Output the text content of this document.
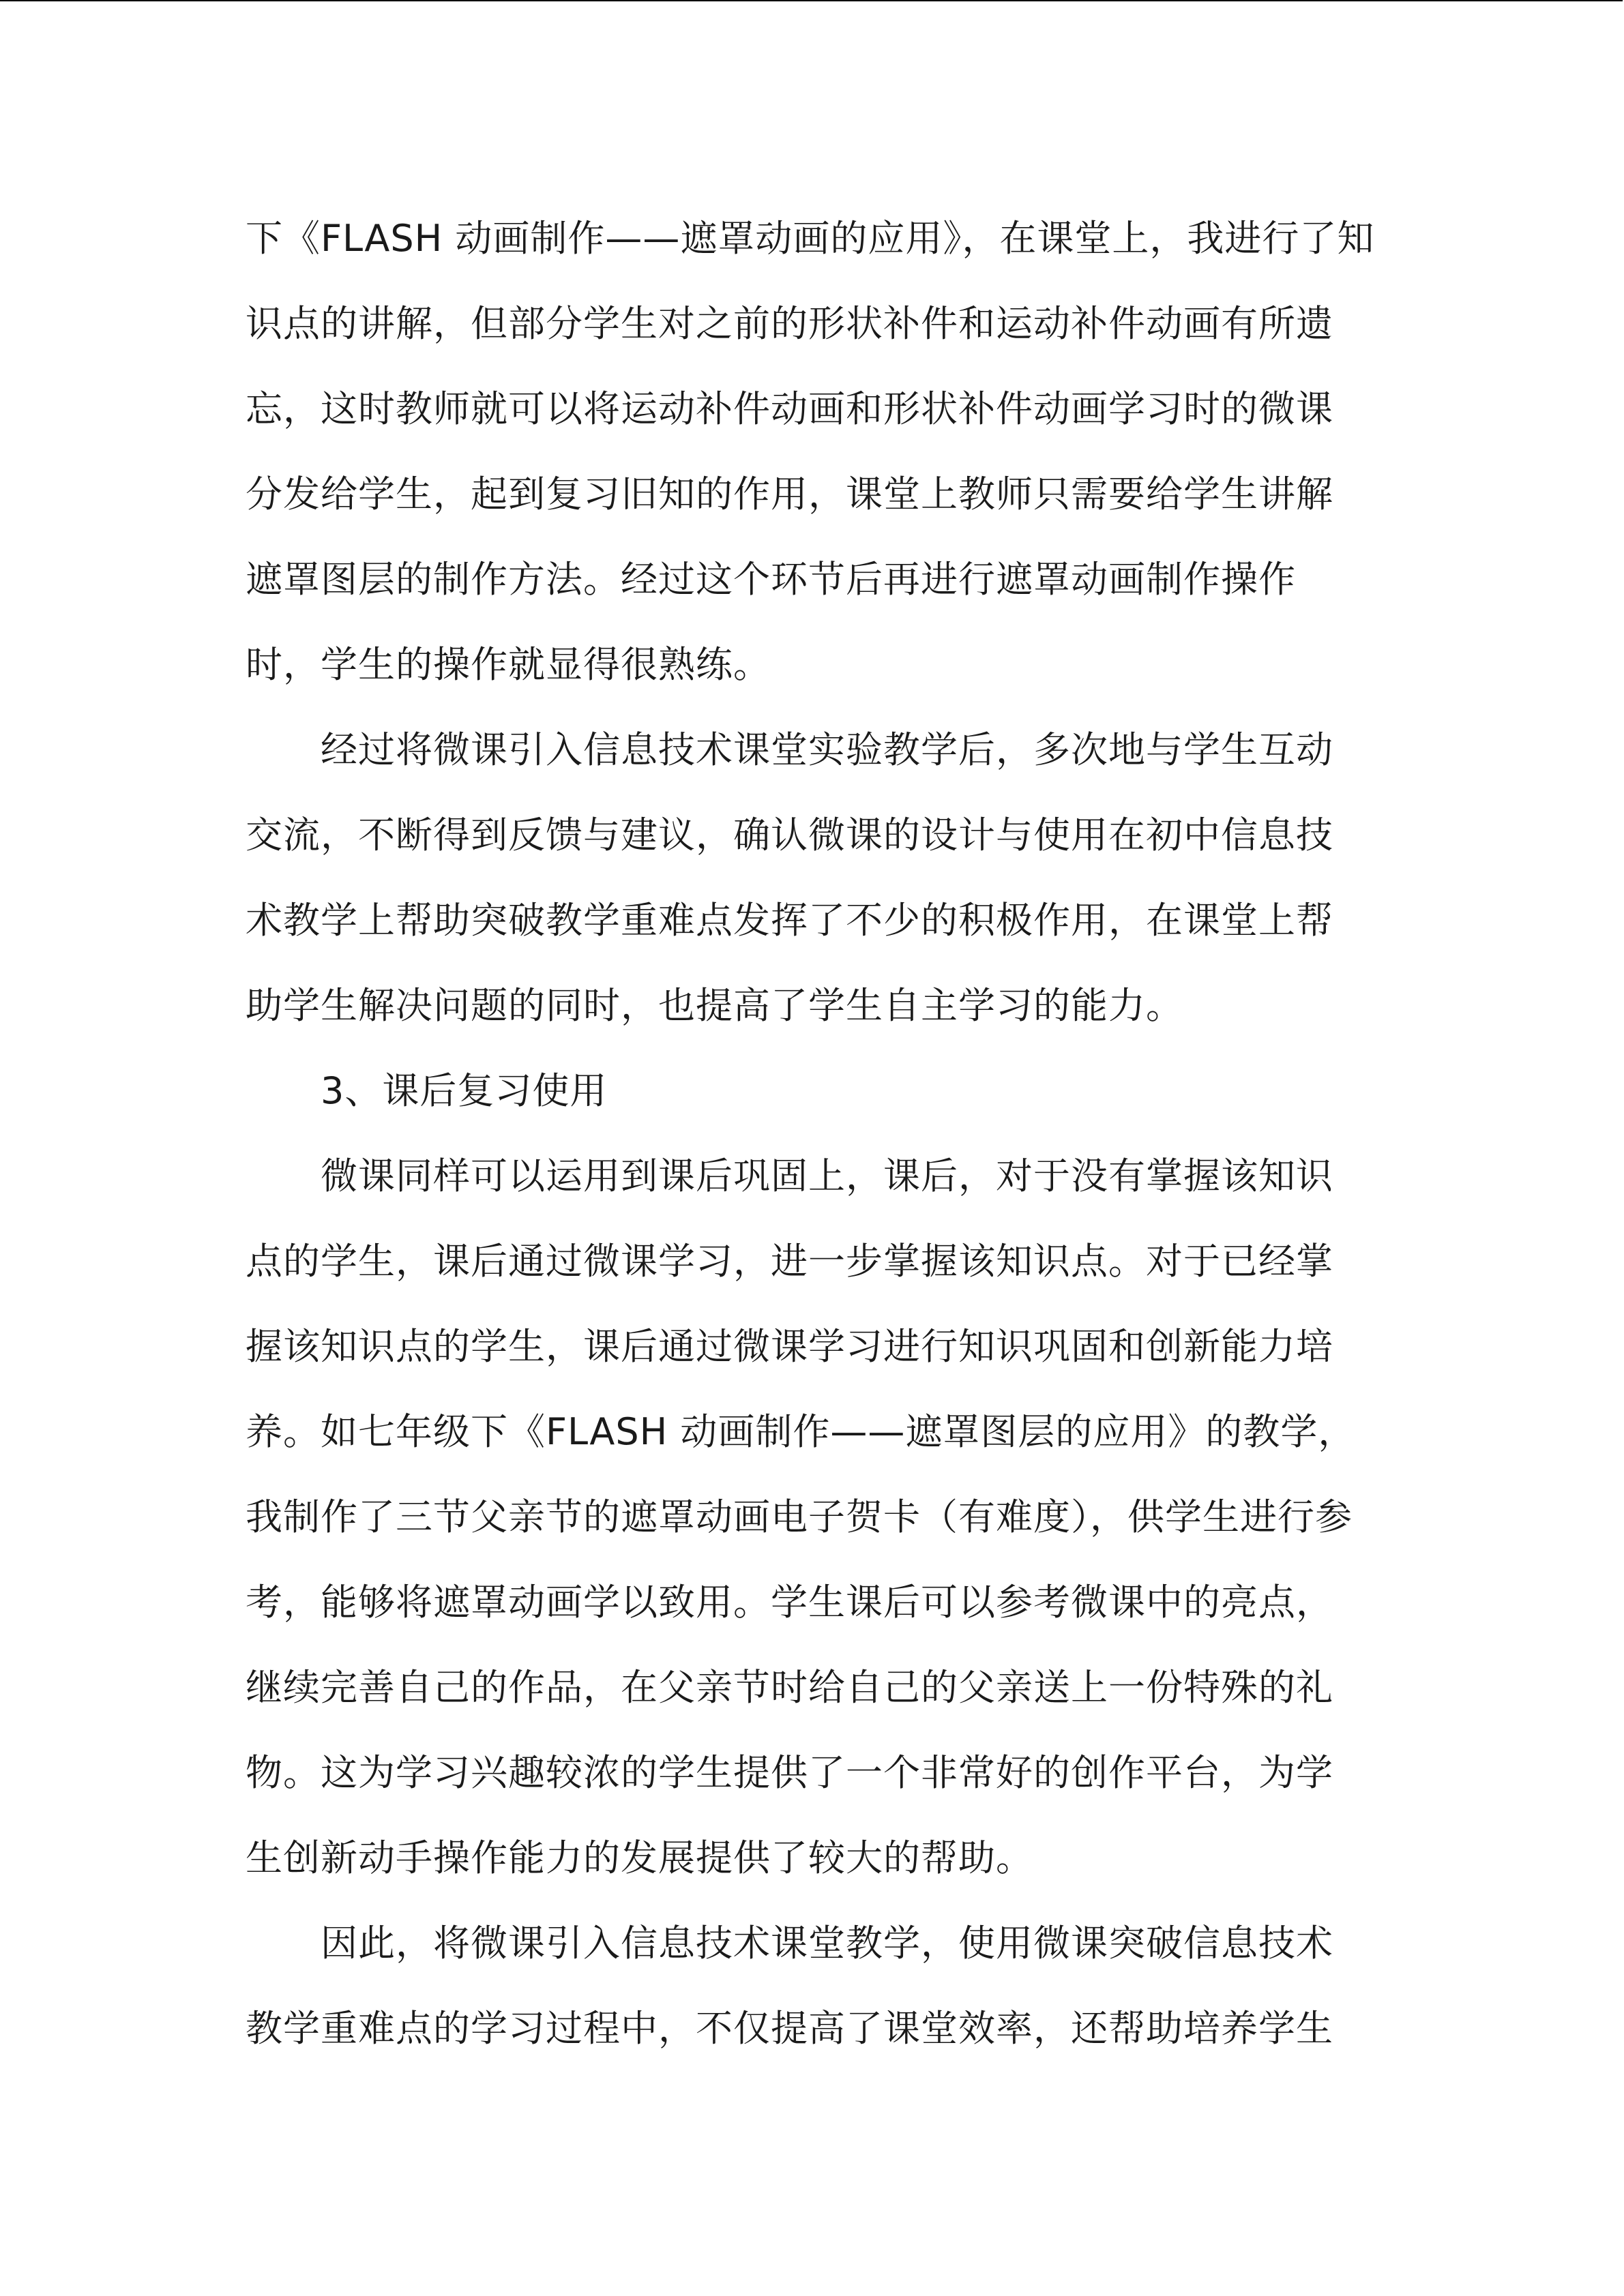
下《FLASH 动画制作——遮罩动画的应用》，在课堂上，我进行了知
识点的讲解，但部分学生对之前的形状补件和运动补件动画有所遗
忘，这时教师就可以将运动补件动画和形状补件动画学习时的微课
分发给学生，起到复习旧知的作用，课堂上教师只需要给学生讲解
遮罩图层的制作方法。经过这个环节后再进行遮罩动画制作操作
时，学生的操作就显得很熟练。
经过将微课引入信息技术课堂实验教学后，多次地与学生互动
交流，不断得到反馈与建议，确认微课的设计与使用在初中信息技
术教学上帮助突破教学重难点发挥了不少的积极作用，在课堂上帮
助学生解决问题的同时，也提高了学生自主学习的能力。
3、课后复习使用
微课同样可以运用到课后巩固上，课后，对于没有掌握该知识
点的学生，课后通过微课学习，进一步掌握该知识点。对于已经掌
握该知识点的学生，课后通过微课学习进行知识巩固和创新能力培
养。如七年级下《FLASH 动画制作——遮罩图层的应用》的教学，
我制作了三节父亲节的遮罩动画电子贺卡（有难度），供学生进行参
考，能够将遮罩动画学以致用。学生课后可以参考微课中的亮点，
继续完善自己的作品，在父亲节时给自己的父亲送上一份特殊的礼
物。这为学习兴趣较浓的学生提供了一个非常好的创作平台，为学
生创新动手操作能力的发展提供了较大的帮助。
因此，将微课引入信息技术课堂教学，使用微课突破信息技术
教学重难点的学习过程中，不仅提高了课堂效率，还帮助培养学生
